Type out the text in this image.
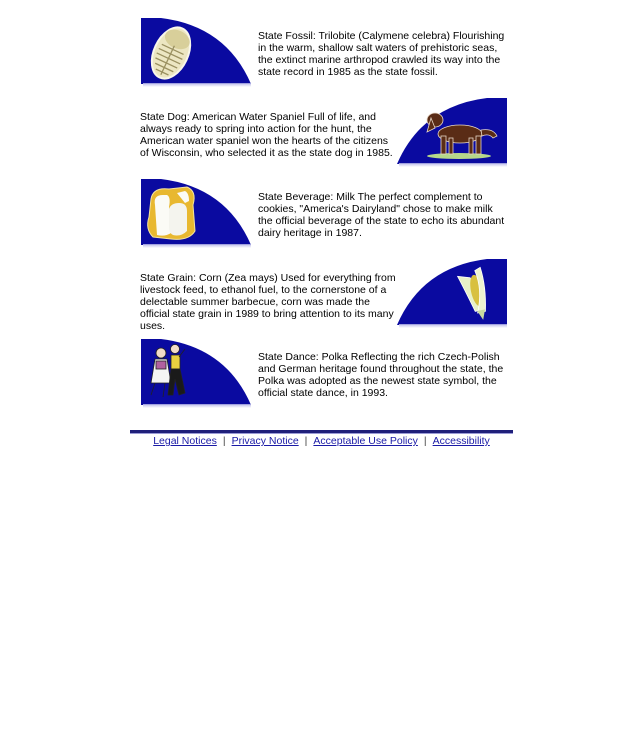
State Fossil: Trilobite (Calymene celebra) Flourishing in the warm, shallow salt waters of prehistoric seas, the extinct marine arthropod crawled its way into the state record in 1985 as the state fossil.
State Dog: American Water Spaniel Full of life, and always ready to spring into action for the hunt, the American water spaniel won the hearts of the citizens of Wisconsin, who selected it as the state dog in 1985.
State Beverage: Milk The perfect complement to cookies, "America's Dairyland" chose to make milk the official beverage of the state to echo its abundant dairy heritage in 1987.
State Grain: Corn (Zea mays) Used for everything from livestock feed, to ethanol fuel, to the cornerstone of a delectable summer barbecue, corn was made the official state grain in 1989 to bring attention to its many uses.
State Dance: Polka Reflecting the rich Czech-Polish and German heritage found throughout the state, the Polka was adopted as the newest state symbol, the official state dance, in 1993.
Legal Notices | Privacy Notice | Acceptable Use Policy | Accessibility
